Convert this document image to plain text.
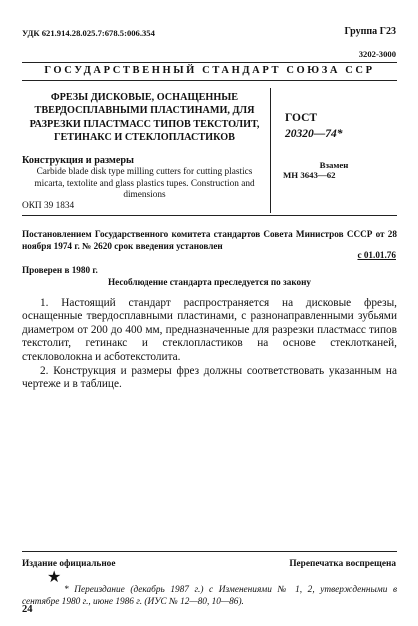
УДК 621.914.28.025.7:678.5:006.354	Группа Г23
3202-3000
ГОСУДАРСТВЕННЫЙ СТАНДАРТ СОЮЗА ССР
ФРЕЗЫ ДИСКОВЫЕ, ОСНАЩЕННЫЕ ТВЕРДОСПЛАВНЫМИ ПЛАСТИНАМИ, ДЛЯ РАЗРЕЗКИ ПЛАСТМАСС ТИПОВ ТЕКСТОЛИТ, ГЕТИНАКС И СТЕКЛОПЛАСТИКОВ
Конструкция и размеры
Carbide blade disk type milling cutters for cutting plastics micarta, textolite and glass plastics tupes. Construction and dimensions
ОКП 39 1834
ГОСТ
20320—74*
Взамен
МН 3643—62
Постановлением Государственного комитета стандартов Совета Министров СССР от 28 ноября 1974 г. № 2620 срок введения установлен
с 01.01.76
Проверен в 1980 г.
Несоблюдение стандарта преследуется по закону
1. Настоящий стандарт распространяется на дисковые фрезы, оснащенные твердосплавными пластинами, с разнонаправленными зубьями диаметром от 200 до 400 мм, предназначенные для разрезки пластмасс типов текстолит, гетинакс и стеклопластиков на основе стеклотканей, стекловолокна и асботекстолита.
2. Конструкция и размеры фрез должны соответствовать указанным на чертеже и в таблице.
Издание официальное	Перепечатка воспрещена
★
* Переиздание (декабрь 1987 г.) с Изменениями № 1, 2, утвержденными в сентябре 1980 г., июне 1986 г. (ИУС № 12—80, 10—86).
24
